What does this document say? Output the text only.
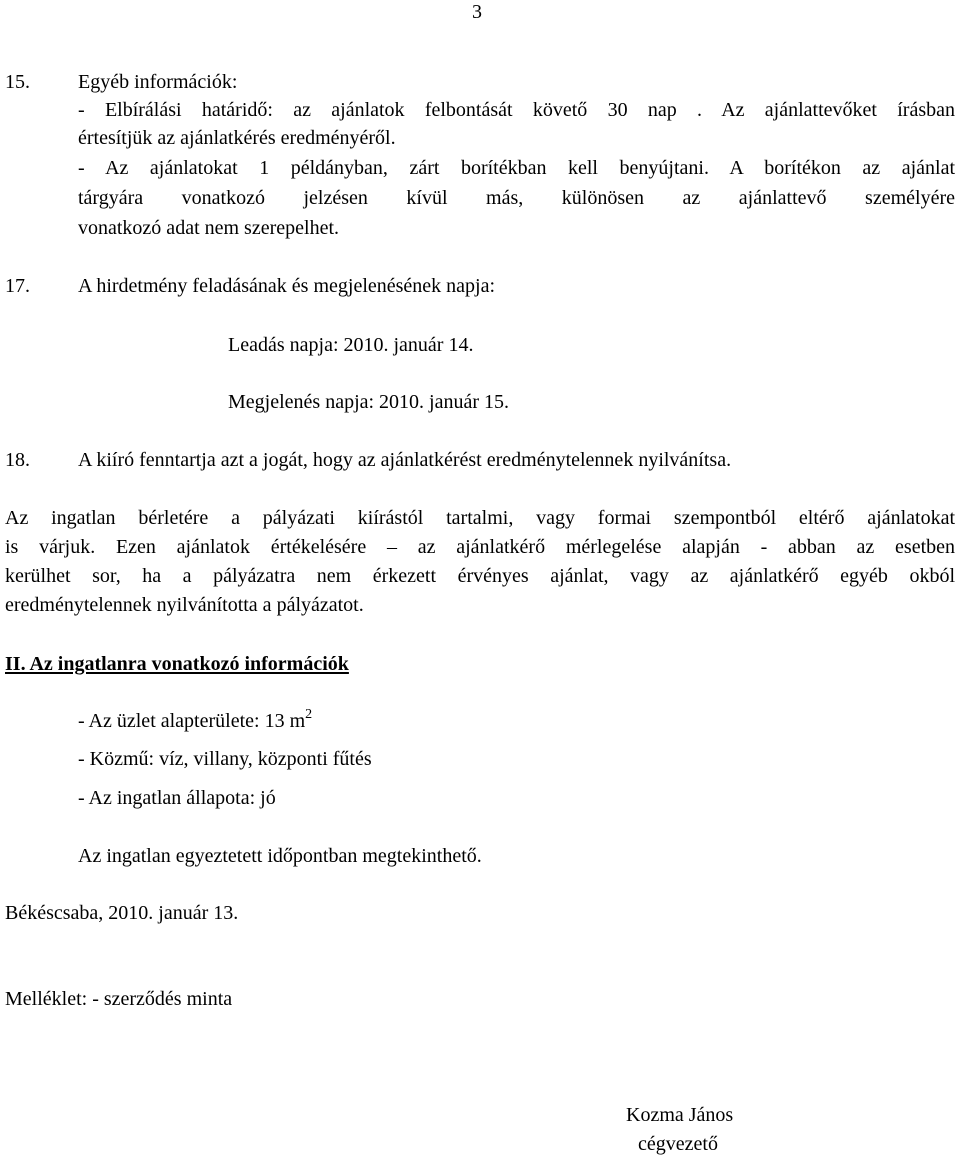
3
15. Egyéb információk:
- Elbírálási határidő: az ajánlatok felbontását követő 30 nap . Az ajánlattevőket írásban
értesítjük az ajánlatkérés eredményéről.
- Az ajánlatokat 1 példányban, zárt borítékban kell benyújtani. A borítékon az ajánlat
tárgyára vonatkozó jelzésen kívül más, különösen az ajánlattevő személyére
vonatkozó adat nem szerepelhet.
17. A hirdetmény feladásának és megjelenésének napja:
Leadás napja: 2010. január 14.
Megjelenés napja: 2010. január 15.
18. A kiíró fenntartja azt a jogát, hogy az ajánlatkérést eredménytelennek nyilvánítsa.
Az ingatlan bérletére a pályázati kiírástól tartalmi, vagy formai szempontból eltérő ajánlatokat
is várjuk. Ezen ajánlatok értékelésére – az ajánlatkérő mérlegelése alapján - abban az esetben
kerülhet sor, ha a pályázatra nem érkezett érvényes ajánlat, vagy az ajánlatkérő egyéb okból
eredménytelennek nyilvánította a pályázatot.
II. Az ingatlanra vonatkozó információk
- Az üzlet alapterülete: 13 $m^2$
- Közmű: víz, villany, központi fűtés
- Az ingatlan állapota: jó
Az ingatlan egyeztetett időpontban megtekinthető.
Békéscsaba, 2010. január 13.
Melléklet: - szerződés minta
Kozma János
cégvezető
